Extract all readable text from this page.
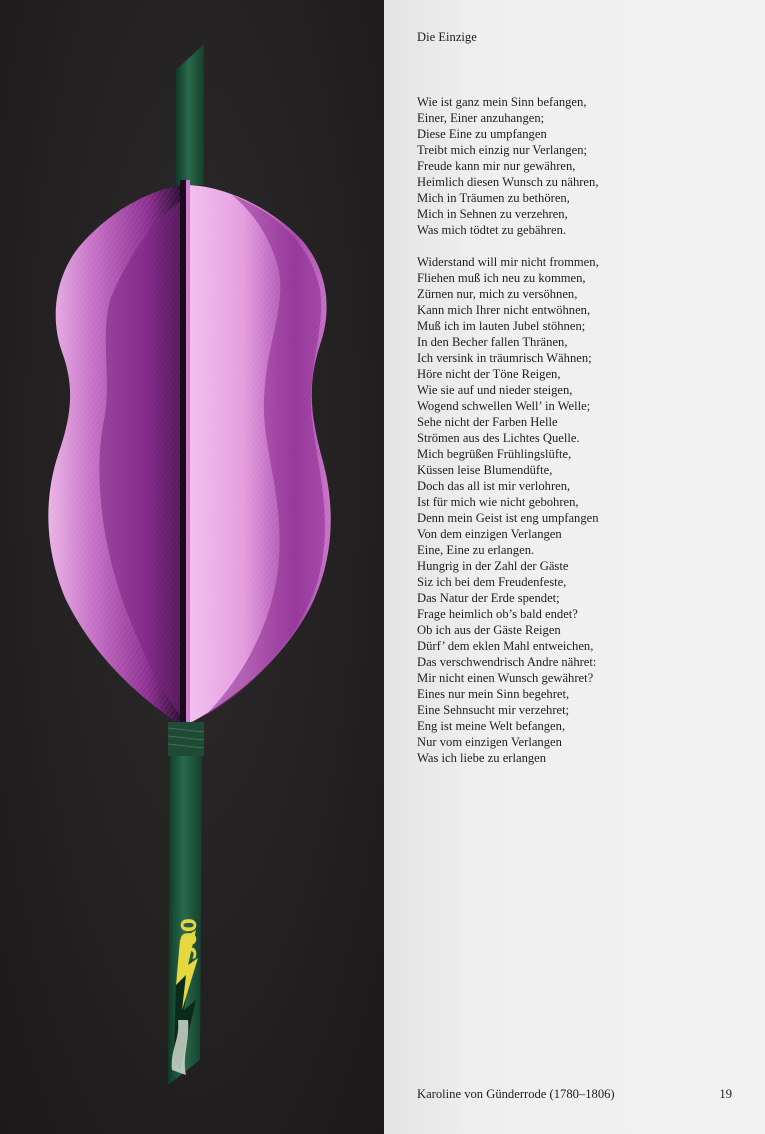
500
Die Einzige
Wie ist ganz mein Sinn befangen,
Einer, Einer anzuhangen;
Diese Eine zu umpfangen
Treibt mich einzig nur Verlangen;
Freude kann mir nur gewähren,
Heimlich diesen Wunsch zu nähren,
Mich in Träumen zu bethören,
Mich in Sehnen zu verzehren,
Was mich tödtet zu gebähren.
Widerstand will mir nicht frommen,
Fliehen muß ich neu zu kommen,
Zürnen nur, mich zu versöhnen,
Kann mich Ihrer nicht entwöhnen,
Muß ich im lauten Jubel stöhnen;
In den Becher fallen Thränen,
Ich versink in träumrisch Wähnen;
Höre nicht der Töne Reigen,
Wie sie auf und nieder steigen,
Wogend schwellen Well’ in Welle;
Sehe nicht der Farben Helle
Strömen aus des Lichtes Quelle.
Mich begrüßen Frühlingslüfte,
Küssen leise Blumendüfte,
Doch das all ist mir verlohren,
Ist für mich wie nicht gebohren,
Denn mein Geist ist eng umpfangen
Von dem einzigen Verlangen
Eine, Eine zu erlangen.
Hungrig in der Zahl der Gäste
Siz ich bei dem Freudenfeste,
Das Natur der Erde spendet;
Frage heimlich ob’s bald endet?
Ob ich aus der Gäste Reigen
Dürf’ dem eklen Mahl entweichen,
Das verschwendrisch Andre nähret:
Mir nicht einen Wunsch gewähret?
Eines nur mein Sinn begehret,
Eine Sehnsucht mir verzehret;
Eng ist meine Welt befangen,
Nur vom einzigen Verlangen
Was ich liebe zu erlangen
Karoline von Günderrode (1780–1806)	19
